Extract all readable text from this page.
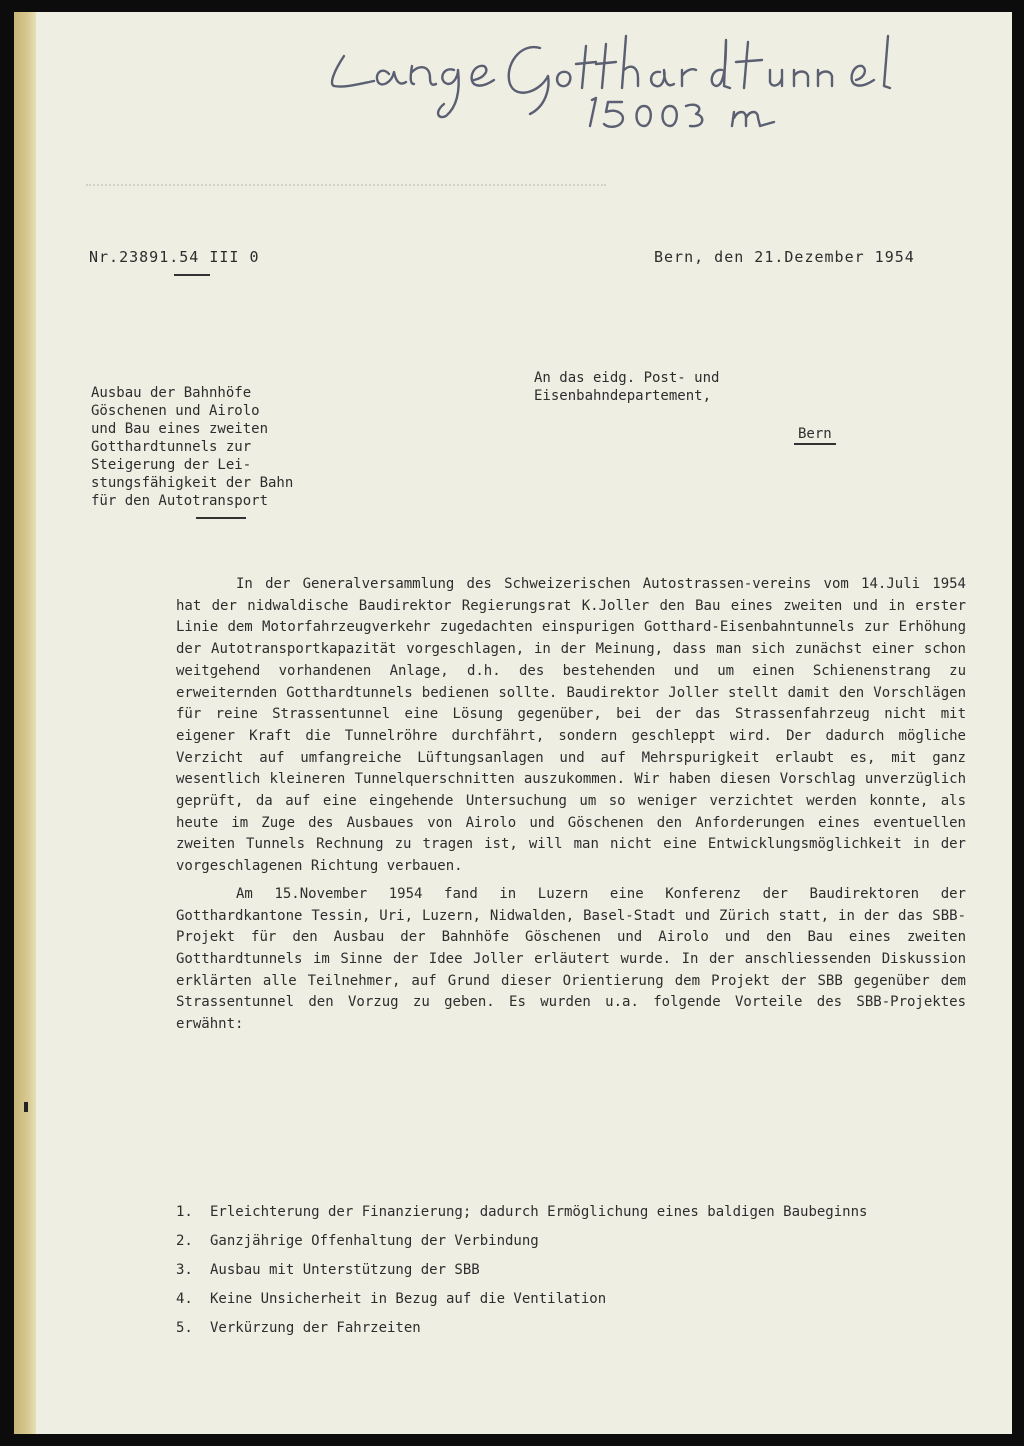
Nr.23891.54 III 0	Bern, den 21.Dezember 1954
Ausbau der Bahnhöfe
Göschenen und Airolo
und Bau eines zweiten
Gotthardtunnels zur
Steigerung der Lei-
stungsfähigkeit der Bahn
für den Autotransport
An das eidg. Post- und
Eisenbahndepartement,
Bern

In der Generalversammlung des Schweizerischen Autostrassen-vereins vom 14.Juli 1954 hat der nidwaldische Baudirektor Regierungsrat K.Joller den Bau eines zweiten und in erster Linie dem Motorfahrzeugverkehr zugedachten einspurigen Gotthard-Eisenbahntunnels zur Erhöhung der Autotransportkapazität vorgeschlagen, in der Meinung, dass man sich zunächst einer schon weitgehend vorhandenen Anlage, d.h. des bestehenden und um einen Schienenstrang zu erweiternden Gotthardtunnels bedienen sollte. Baudirektor Joller stellt damit den Vorschlägen für reine Strassentunnel eine Lösung gegenüber, bei der das Strassenfahrzeug nicht mit eigener Kraft die Tunnelröhre durchfährt, sondern geschleppt wird. Der dadurch mögliche Verzicht auf umfangreiche Lüftungsanlagen und auf Mehrspurigkeit erlaubt es, mit ganz wesentlich kleineren Tunnelquerschnitten auszukommen. Wir haben diesen Vorschlag unverzüglich geprüft, da auf eine eingehende Untersuchung um so weniger verzichtet werden konnte, als heute im Zuge des Ausbaues von Airolo und Göschenen den Anforderungen eines eventuellen zweiten Tunnels Rechnung zu tragen ist, will man nicht eine Entwicklungsmöglichkeit in der vorgeschlagenen Richtung verbauen.

Am 15.November 1954 fand in Luzern eine Konferenz der Baudirektoren der Gotthardkantone Tessin, Uri, Luzern, Nidwalden, Basel-Stadt und Zürich statt, in der das SBB-Projekt für den Ausbau der Bahnhöfe Göschenen und Airolo und den Bau eines zweiten Gotthardtunnels im Sinne der Idee Joller erläutert wurde. In der anschliessenden Diskussion erklärten alle Teilnehmer, auf Grund dieser Orientierung dem Projekt der SBB gegenüber dem Strassentunnel den Vorzug zu geben. Es wurden u.a. folgende Vorteile des SBB-Projektes erwähnt:

1.	Erleichterung der Finanzierung; dadurch Ermöglichung eines baldigen Baubeginns
2.	Ganzjährige Offenhaltung der Verbindung
3.	Ausbau mit Unterstützung der SBB
4.	Keine Unsicherheit in Bezug auf die Ventilation
5.	Verkürzung der Fahrzeiten
